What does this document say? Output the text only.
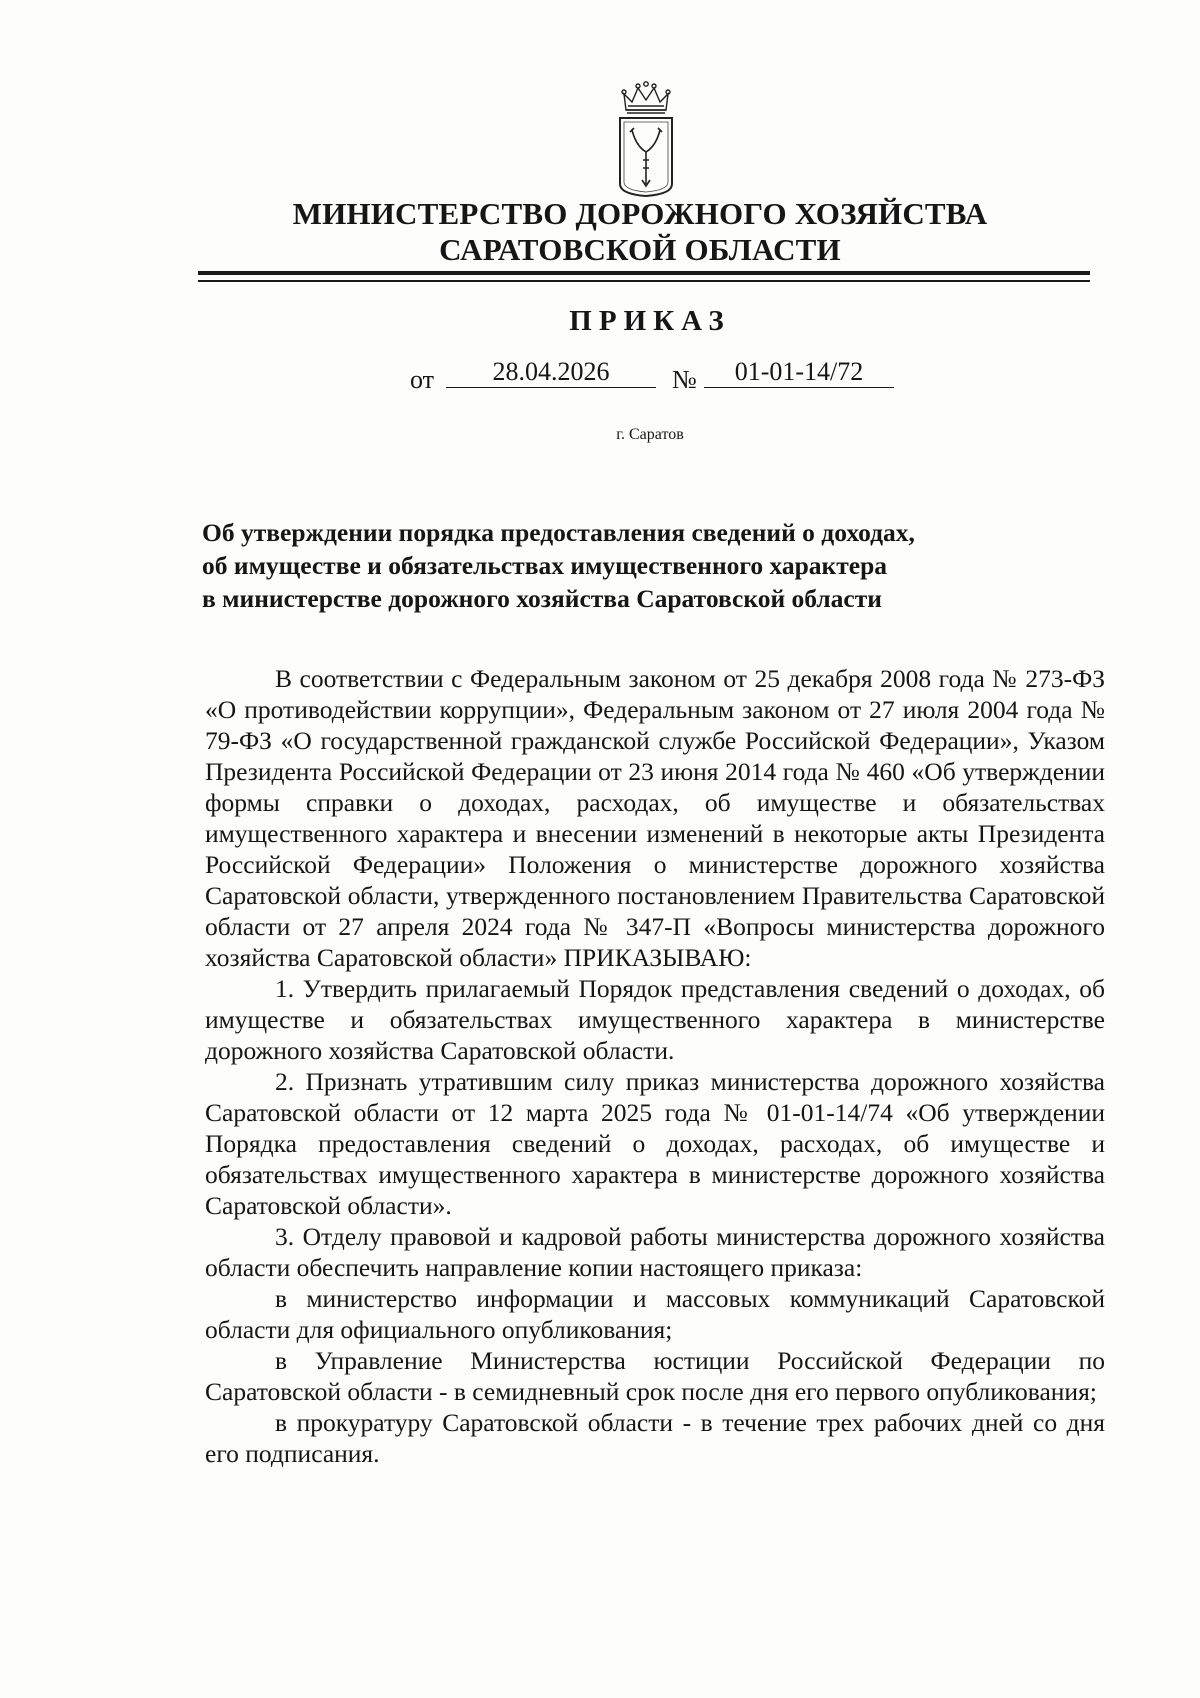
МИНИСТЕРСТВО ДОРОЖНОГО ХОЗЯЙСТВА
САРАТОВСКОЙ ОБЛАСТИ
ПРИКАЗ
от	28.04.2026	№	01-01-14/72
г. Саратов
Об утверждении порядка предоставления сведений о доходах,
об имуществе и обязательствах имущественного характера
в министерстве дорожного хозяйства Саратовской области

В соответствии с Федеральным законом от 25 декабря 2008 года № 273-ФЗ «О противодействии коррупции», Федеральным законом от 27 июля 2004 года № 79-ФЗ «О государственной гражданской службе Российской Федерации», Указом Президента Российской Федерации от 23 июня 2014 года № 460 «Об утверждении формы справки о доходах, расходах, об имуществе и обязательствах имущественного характера и внесении изменений в некоторые акты Президента Российской Федерации» Положения о министерстве дорожного хозяйства Саратовской области, утвержденного постановлением Правительства Саратовской области от 27 апреля 2024 года № 347-П «Вопросы министерства дорожного хозяйства Саратовской области» ПРИКАЗЫВАЮ:

1. Утвердить прилагаемый Порядок представления сведений о доходах, об имуществе и обязательствах имущественного характера в министерстве дорожного хозяйства Саратовской области.

2. Признать утратившим силу приказ министерства дорожного хозяйства Саратовской области от 12 марта 2025 года № 01-01-14/74 «Об утверждении Порядка предоставления сведений о доходах, расходах, об имуществе и обязательствах имущественного характера в министерстве дорожного хозяйства Саратовской области».

3. Отделу правовой и кадровой работы министерства дорожного хозяйства области обеспечить направление копии настоящего приказа:

в министерство информации и массовых коммуникаций Саратовской области для официального опубликования;

в Управление Министерства юстиции Российской Федерации по Саратовской области - в семидневный срок после дня его первого опубликования;

в прокуратуру Саратовской области - в течение трех рабочих дней со дня его подписания.
